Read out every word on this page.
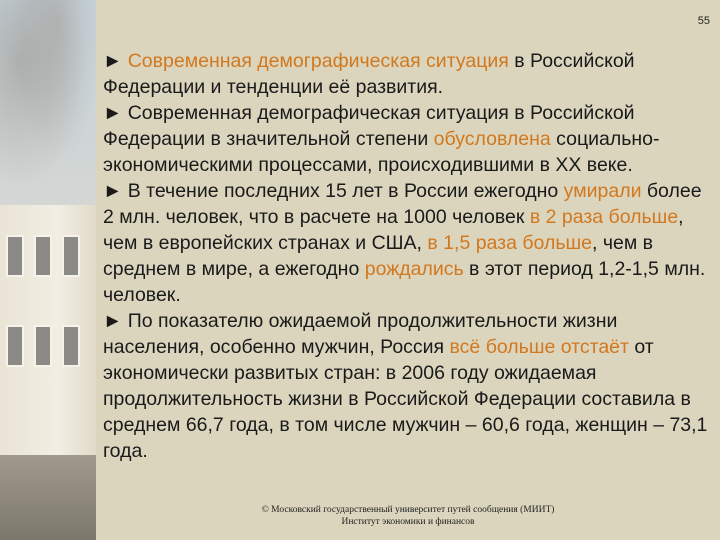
55
► Современная демографическая ситуация в Российской Федерации и тенденции её развития.
► Современная демографическая ситуация в Российской Федерации в значительной степени обусловлена социально-экономическими процессами, происходившими в XX веке.
► В течение последних 15 лет в России ежегодно умирали более 2 млн. человек, что в расчете на 1000 человек в 2 раза больше, чем в европейских странах и США, в 1,5 раза больше, чем в среднем в мире, а ежегодно рождались в этот период 1,2-1,5 млн. человек.
► По показателю ожидаемой продолжительности жизни населения, особенно мужчин, Россия всё больше отстаёт от экономически развитых стран: в 2006 году ожидаемая продолжительность жизни в Российской Федерации составила в среднем 66,7 года, в том числе мужчин – 60,6 года, женщин – 73,1 года.
© Московский государственный университет путей сообщения (МИИТ)
Институт экономики и финансов
